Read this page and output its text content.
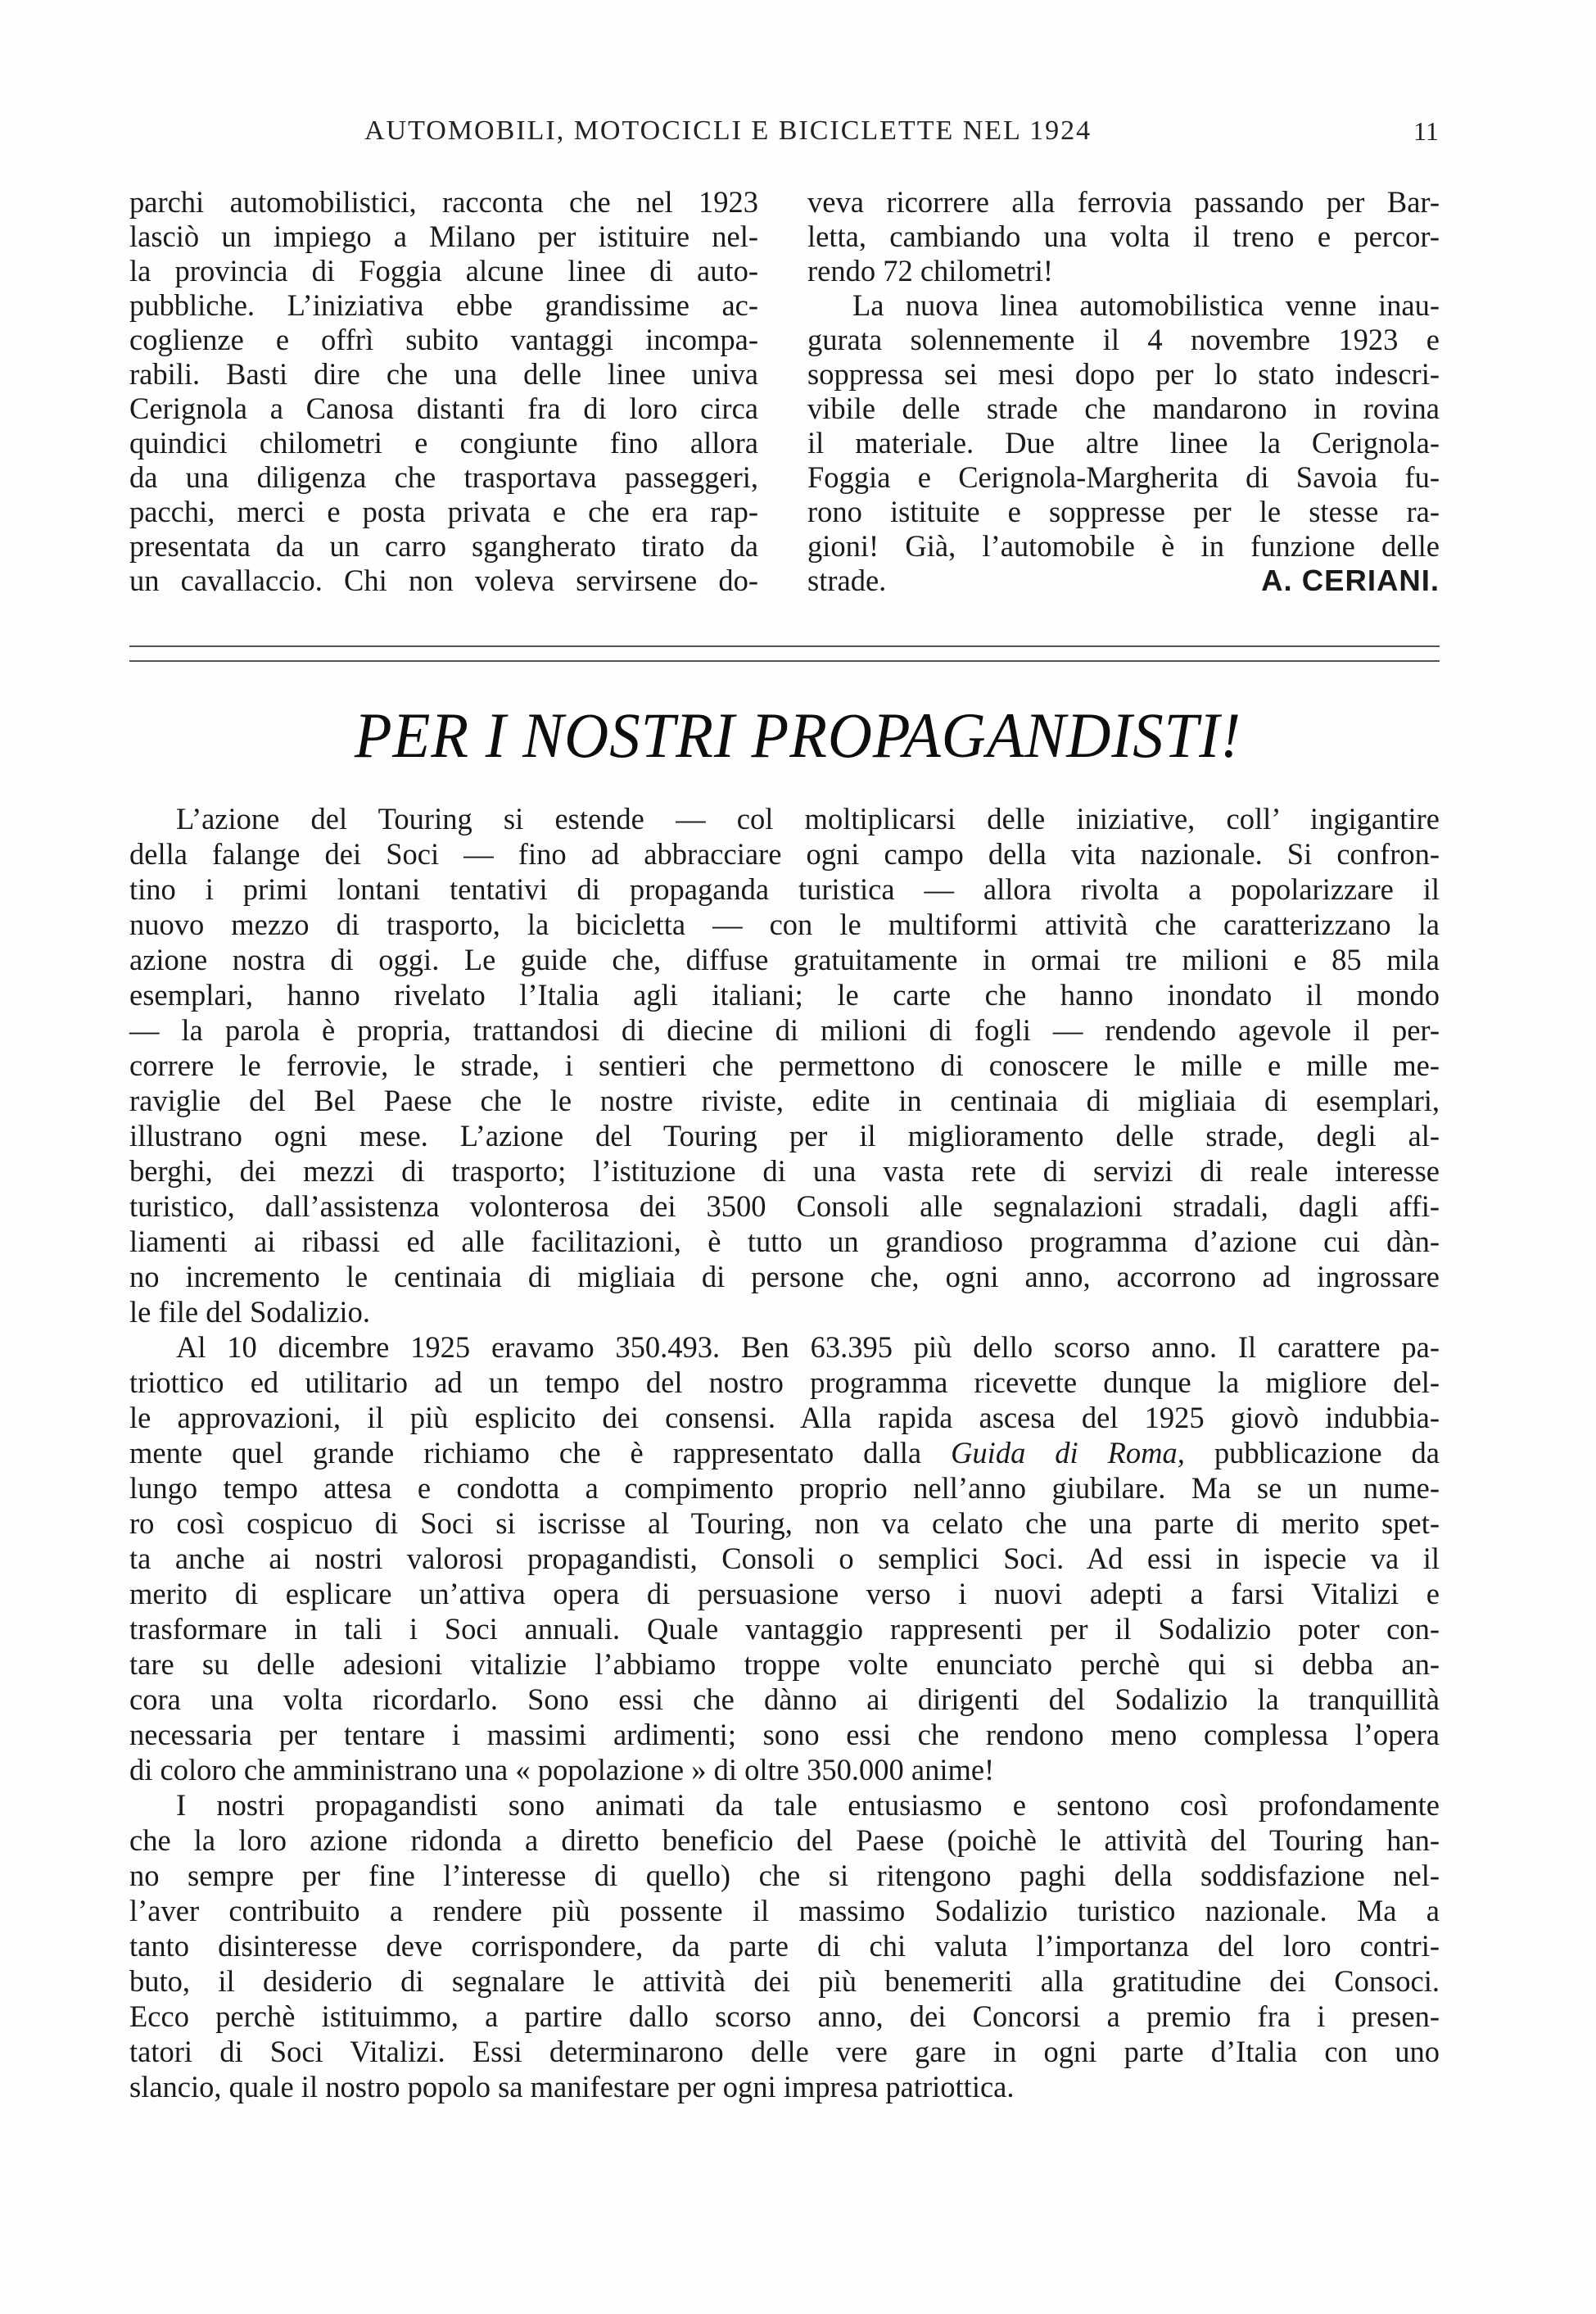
AUTOMOBILI, MOTOCICLI E BICICLETTE NEL 1924	11
parchi automobilistici, racconta che nel 1923
lasciò un impiego a Milano per istituire nel-
la provincia di Foggia alcune linee di auto-
pubbliche. L’iniziativa ebbe grandissime ac-
coglienze e offrì subito vantaggi incompa-
rabili. Basti dire che una delle linee univa
Cerignola a Canosa distanti fra di loro circa
quindici chilometri e congiunte fino allora
da una diligenza che trasportava passeggeri,
pacchi, merci e posta privata e che era rap-
presentata da un carro sgangherato tirato da
un cavallaccio. Chi non voleva servirsene do-
veva ricorrere alla ferrovia passando per Bar-
letta, cambiando una volta il treno e percor-
rendo 72 chilometri!
La nuova linea automobilistica venne inau-
gurata solennemente il 4 novembre 1923 e
soppressa sei mesi dopo per lo stato indescri-
vibile delle strade che mandarono in rovina
il materiale. Due altre linee la Cerignola-
Foggia e Cerignola-Margherita di Savoia fu-
rono istituite e soppresse per le stesse ra-
gioni! Già, l’automobile è in funzione delle
strade.	A. CERIANI.
PER I NOSTRI PROPAGANDISTI!
L’azione del Touring si estende — col moltiplicarsi delle iniziative, coll’ ingigantire
della falange dei Soci — fino ad abbracciare ogni campo della vita nazionale. Si confron-
tino i primi lontani tentativi di propaganda turistica — allora rivolta a popolarizzare il
nuovo mezzo di trasporto, la bicicletta — con le multiformi attività che caratterizzano la
azione nostra di oggi. Le guide che, diffuse gratuitamente in ormai tre milioni e 85 mila
esemplari, hanno rivelato l’Italia agli italiani; le carte che hanno inondato il mondo
— la parola è propria, trattandosi di diecine di milioni di fogli — rendendo agevole il per-
correre le ferrovie, le strade, i sentieri che permettono di conoscere le mille e mille me-
raviglie del Bel Paese che le nostre riviste, edite in centinaia di migliaia di esemplari,
illustrano ogni mese. L’azione del Touring per il miglioramento delle strade, degli al-
berghi, dei mezzi di trasporto; l’istituzione di una vasta rete di servizi di reale interesse
turistico, dall’assistenza volonterosa dei 3500 Consoli alle segnalazioni stradali, dagli affi-
liamenti ai ribassi ed alle facilitazioni, è tutto un grandioso programma d’azione cui dàn-
no incremento le centinaia di migliaia di persone che, ogni anno, accorrono ad ingrossare
le file del Sodalizio.
Al 10 dicembre 1925 eravamo 350.493. Ben 63.395 più dello scorso anno. Il carattere pa-
triottico ed utilitario ad un tempo del nostro programma ricevette dunque la migliore del-
le approvazioni, il più esplicito dei consensi. Alla rapida ascesa del 1925 giovò indubbia-
mente quel grande richiamo che è rappresentato dalla Guida di Roma, pubblicazione da
lungo tempo attesa e condotta a compimento proprio nell’anno giubilare. Ma se un nume-
ro così cospicuo di Soci si iscrisse al Touring, non va celato che una parte di merito spet-
ta anche ai nostri valorosi propagandisti, Consoli o semplici Soci. Ad essi in ispecie va il
merito di esplicare un’attiva opera di persuasione verso i nuovi adepti a farsi Vitalizi e
trasformare in tali i Soci annuali. Quale vantaggio rappresenti per il Sodalizio poter con-
tare su delle adesioni vitalizie l’abbiamo troppe volte enunciato perchè qui si debba an-
cora una volta ricordarlo. Sono essi che dànno ai dirigenti del Sodalizio la tranquillità
necessaria per tentare i massimi ardimenti; sono essi che rendono meno complessa l’opera
di coloro che amministrano una « popolazione » di oltre 350.000 anime!
I nostri propagandisti sono animati da tale entusiasmo e sentono così profondamente
che la loro azione ridonda a diretto beneficio del Paese (poichè le attività del Touring han-
no sempre per fine l’interesse di quello) che si ritengono paghi della soddisfazione nel-
l’aver contribuito a rendere più possente il massimo Sodalizio turistico nazionale. Ma a
tanto disinteresse deve corrispondere, da parte di chi valuta l’importanza del loro contri-
buto, il desiderio di segnalare le attività dei più benemeriti alla gratitudine dei Consoci.
Ecco perchè istituimmo, a partire dallo scorso anno, dei Concorsi a premio fra i presen-
tatori di Soci Vitalizi. Essi determinarono delle vere gare in ogni parte d’Italia con uno
slancio, quale il nostro popolo sa manifestare per ogni impresa patriottica.
